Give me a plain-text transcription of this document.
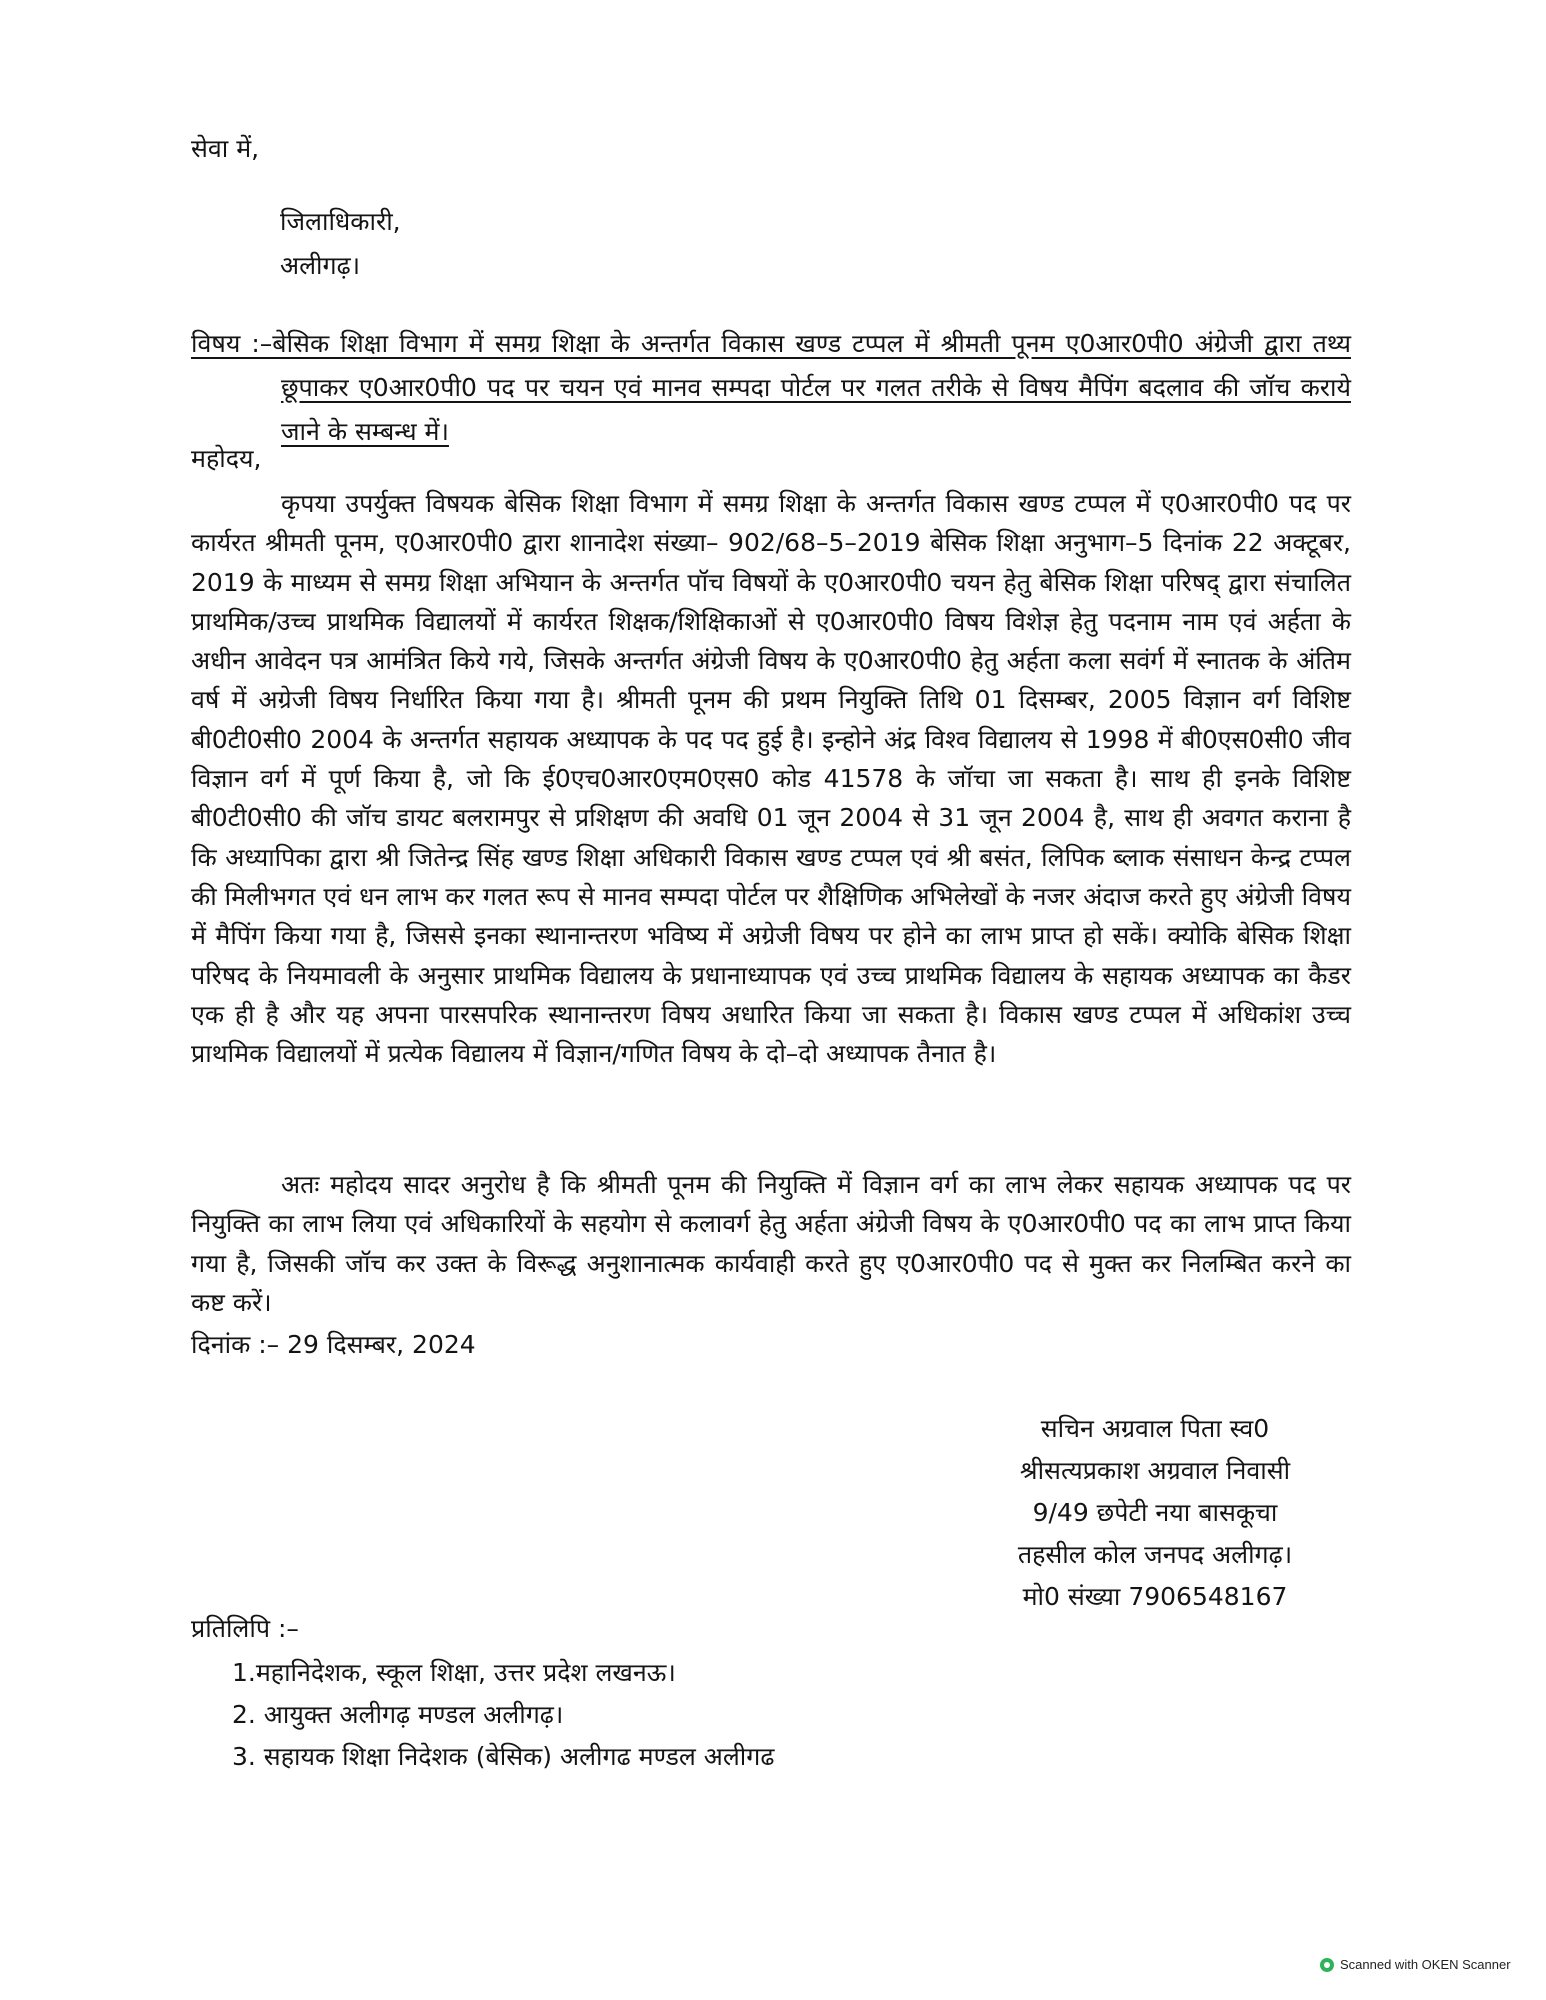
सेवा में,

जिलाधिकारी,
अलीगढ़।

विषय :–बेसिक शिक्षा विभाग में समग्र शिक्षा के अन्तर्गत विकास खण्ड टप्पल में श्रीमती पूनम ए0आर0पी0 अंग्रेजी द्वारा तथ्य छूपाकर ए0आर0पी0 पद पर चयन एवं मानव सम्पदा पोर्टल पर गलत तरीके से विषय मैपिंग बदलाव की जॉच कराये जाने के सम्बन्ध में।

महोदय,

कृपया उपर्युक्त विषयक बेसिक शिक्षा विभाग में समग्र शिक्षा के अन्तर्गत विकास खण्ड टप्पल में ए0आर0पी0 पद पर कार्यरत श्रीमती पूनम, ए0आर0पी0 द्वारा शानादेश संख्या– 902/68–5–2019 बेसिक शिक्षा अनुभाग–5 दिनांक 22 अक्टूबर, 2019 के माध्यम से समग्र शिक्षा अभियान के अन्तर्गत पॉच विषयों के ए0आर0पी0 चयन हेतु बेसिक शिक्षा परिषद् द्वारा संचालित प्राथमिक/उच्च प्राथमिक विद्यालयों में कार्यरत शिक्षक/शिक्षिकाओं से ए0आर0पी0 विषय विशेज्ञ हेतु पदनाम नाम एवं अर्हता के अधीन आवेदन पत्र आमंत्रित किये गये, जिसके अन्तर्गत अंग्रेजी विषय के ए0आर0पी0 हेतु अर्हता कला सवंर्ग में स्नातक के अंतिम वर्ष में अग्रेजी विषय निर्धारित किया गया है। श्रीमती पूनम की प्रथम नियुक्ति तिथि 01 दिसम्बर, 2005 विज्ञान वर्ग विशिष्ट बी0टी0सी0 2004 के अन्तर्गत सहायक अध्यापक के पद पद हुई है। इन्होने अंद्र विश्व विद्यालय से 1998 में बी0एस0सी0 जीव विज्ञान वर्ग में पूर्ण किया है, जो कि ई0एच0आर0एम0एस0 कोड 41578 के जॉचा जा सकता है। साथ ही इनके विशिष्ट बी0टी0सी0 की जॉच डायट बलरामपुर से प्रशिक्षण की अवधि 01 जून 2004 से 31 जून 2004 है, साथ ही अवगत कराना है कि अध्यापिका द्वारा श्री जितेन्द्र सिंह खण्ड शिक्षा अधिकारी विकास खण्ड टप्पल एवं श्री बसंत, लिपिक ब्लाक संसाधन केन्द्र टप्पल की मिलीभगत एवं धन लाभ कर गलत रूप से मानव सम्पदा पोर्टल पर शैक्षिणिक अभिलेखों के नजर अंदाज करते हुए अंग्रेजी विषय में मैपिंग किया गया है, जिससे इनका स्थानान्तरण भविष्य में अग्रेजी विषय पर होने का लाभ प्राप्त हो सकें। क्योकि बेसिक शिक्षा परिषद के नियमावली के अनुसार प्राथमिक विद्यालय के प्रधानाध्यापक एवं उच्च प्राथमिक विद्यालय के सहायक अध्यापक का कैडर एक ही है और यह अपना पारसपरिक स्थानान्तरण विषय अधारित किया जा सकता है। विकास खण्ड टप्पल में अधिकांश उच्च प्राथमिक विद्यालयों में प्रत्येक विद्यालय में विज्ञान/गणित विषय के दो–दो अध्यापक तैनात है।

अतः महोदय सादर अनुरोध है कि श्रीमती पूनम की नियुक्ति में विज्ञान वर्ग का लाभ लेकर सहायक अध्यापक पद पर नियुक्ति का लाभ लिया एवं अधिकारियों के सहयोग से कलावर्ग हेतु अर्हता अंग्रेजी विषय के ए0आर0पी0 पद का लाभ प्राप्त किया गया है, जिसकी जॉच कर उक्त के विरूद्ध अनुशानात्मक कार्यवाही करते हुए ए0आर0पी0 पद से मुक्त कर निलम्बित करने का कष्ट करें।

दिनांक :– 29 दिसम्बर, 2024

सचिन अग्रवाल पिता स्व0
श्रीसत्यप्रकाश अग्रवाल निवासी
9/49 छपेटी नया बासकूचा
तहसील कोल जनपद अलीगढ़।
मो0 संख्या 7906548167

प्रतिलिपि :–

1.महानिदेशक, स्कूल शिक्षा, उत्तर प्रदेश लखनऊ।
2. आयुक्त अलीगढ़ मण्डल अलीगढ़।
3. सहायक शिक्षा निदेशक (बेसिक) अलीगढ मण्डल अलीगढ
Scanned with OKEN Scanner
